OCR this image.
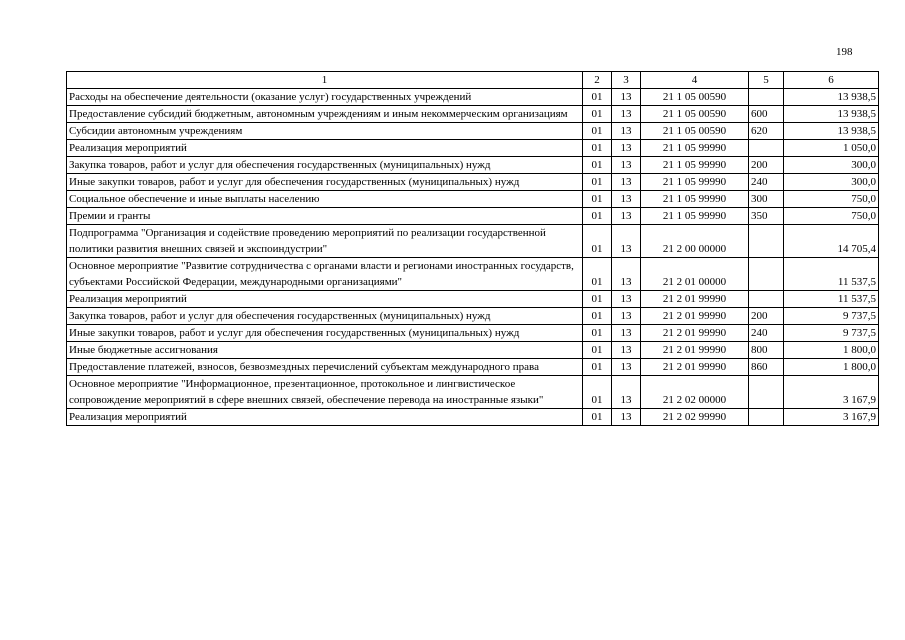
198
1	2	3	4	5	6
Расходы на обеспечение деятельности (оказание услуг) государственных учреждений	01	13	21 1 05 00590		13 938,5
Предоставление субсидий бюджетным, автономным учреждениям и иным некоммерческим организациям	01	13	21 1 05 00590	600	13 938,5
Субсидии автономным учреждениям	01	13	21 1 05 00590	620	13 938,5
Реализация мероприятий	01	13	21 1 05 99990		1 050,0
Закупка товаров, работ и услуг для обеспечения государственных (муниципальных) нужд	01	13	21 1 05 99990	200	300,0
Иные закупки товаров, работ и услуг для обеспечения государственных (муниципальных) нужд	01	13	21 1 05 99990	240	300,0
Социальное обеспечение и иные выплаты населению	01	13	21 1 05 99990	300	750,0
Премии и гранты	01	13	21 1 05 99990	350	750,0
Подпрограмма "Организация и содействие проведению мероприятий по реализации государственной политики развития внешних связей и экспоиндустрии"	01	13	21 2 00 00000		14 705,4
Основное мероприятие "Развитие сотрудничества с органами власти и регионами иностранных государств, субъектами Российской Федерации, международными организациями"	01	13	21 2 01 00000		11 537,5
Реализация мероприятий	01	13	21 2 01 99990		11 537,5
Закупка товаров, работ и услуг для обеспечения государственных (муниципальных) нужд	01	13	21 2 01 99990	200	9 737,5
Иные закупки товаров, работ и услуг для обеспечения государственных (муниципальных) нужд	01	13	21 2 01 99990	240	9 737,5
Иные бюджетные ассигнования	01	13	21 2 01 99990	800	1 800,0
Предоставление платежей, взносов, безвозмездных перечислений субъектам международного права	01	13	21 2 01 99990	860	1 800,0
Основное мероприятие "Информационное, презентационное, протокольное и лингвистическое сопровождение мероприятий в сфере внешних связей, обеспечение перевода на иностранные языки"	01	13	21 2 02 00000		3 167,9
Реализация мероприятий	01	13	21 2 02 99990		3 167,9
